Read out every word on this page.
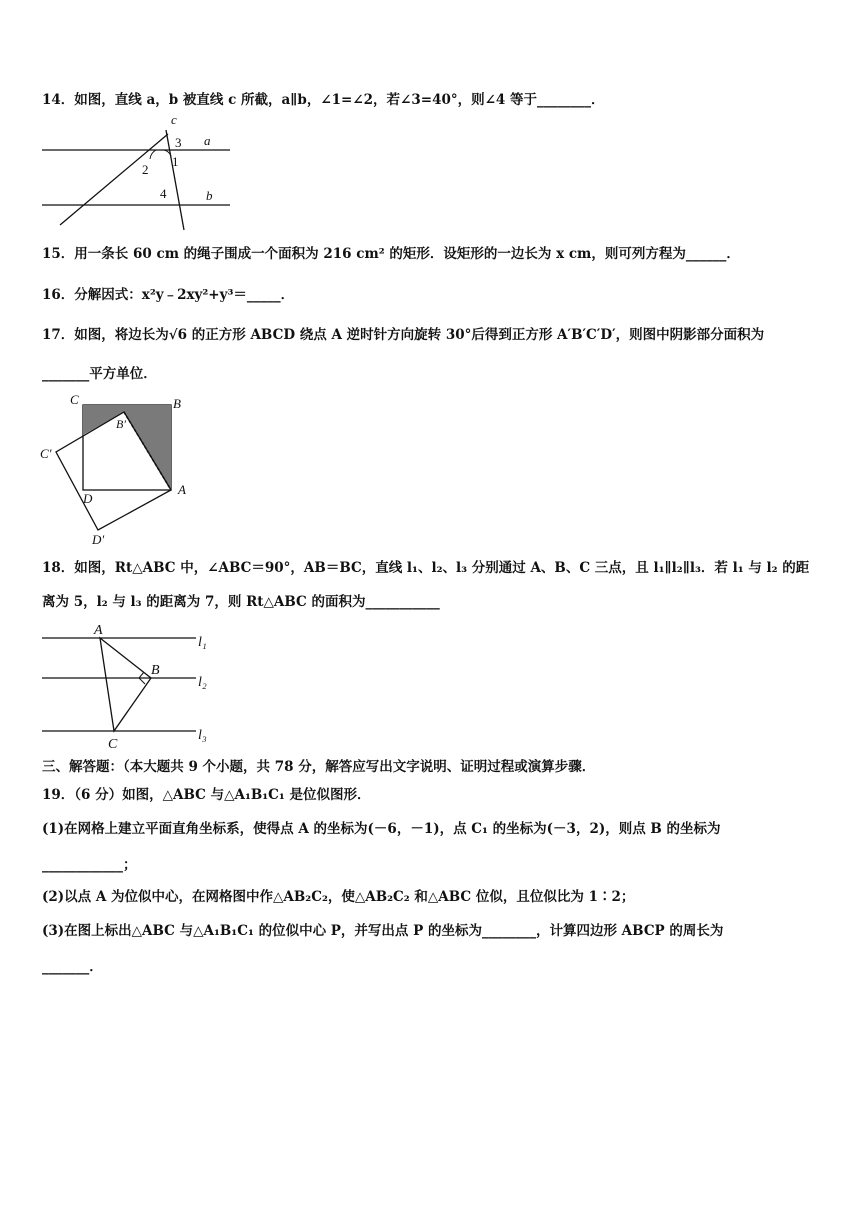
14．如图，直线 a，b 被直线 c 所截，a∥b，∠1=∠2，若∠3=40°，则∠4 等于________．
c
a
b
3
1
2
4
15．用一条长 60 cm 的绳子围成一个面积为 216 cm² 的矩形．设矩形的一边长为 x cm，则可列方程为______．
16．分解因式：x²y﹣2xy²+y³＝_____．
17．如图，将边长为√6 的正方形 ABCD 绕点 A 逆时针方向旋转 30°后得到正方形 A′B′C′D′，则图中阴影部分面积为
_______平方单位．
C	B
B′
C′
D
A
D′
18．如图，Rt△ABC 中，∠ABC＝90°，AB＝BC，直线 l₁、l₂、l₃ 分别通过 A、B、C 三点，且 l₁∥l₂∥l₃．若 l₁ 与 l₂ 的距
离为 5，l₂ 与 l₃ 的距离为 7，则 Rt△ABC 的面积为___________
A
B
C
l₁
l₂
l₃
三、解答题：（本大题共 9 个小题，共 78 分，解答应写出文字说明、证明过程或演算步骤．
19．（6 分）如图，△ABC 与△A₁B₁C₁ 是位似图形．
(1)在网格上建立平面直角坐标系，使得点 A 的坐标为(－6，－1)，点 C₁ 的坐标为(－3，2)，则点 B 的坐标为
____________；
(2)以点 A 为位似中心，在网格图中作△AB₂C₂，使△AB₂C₂ 和△ABC 位似，且位似比为 1∶2；
(3)在图上标出△ABC 与△A₁B₁C₁ 的位似中心 P，并写出点 P 的坐标为________，计算四边形 ABCP 的周长为
_______．
